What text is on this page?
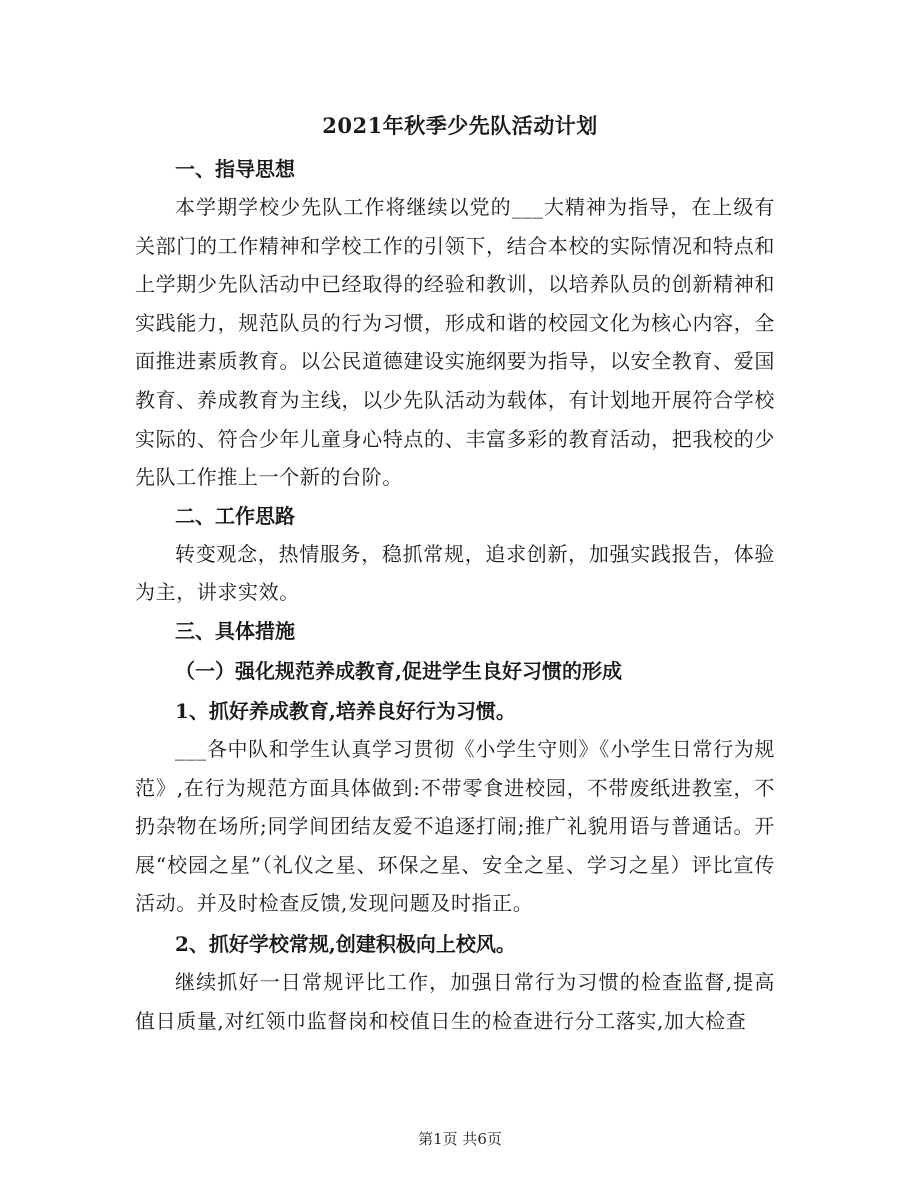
2021年秋季少先队活动计划
一、指导思想

本学期学校少先队工作将继续以党的___大精神为指导，在上级有关部门的工作精神和学校工作的引领下，结合本校的实际情况和特点和上学期少先队活动中已经取得的经验和教训，以培养队员的创新精神和实践能力，规范队员的行为习惯，形成和谐的校园文化为核心内容，全面推进素质教育。以公民道德建设实施纲要为指导，以安全教育、爱国教育、养成教育为主线，以少先队活动为载体，有计划地开展符合学校实际的、符合少年儿童身心特点的、丰富多彩的教育活动，把我校的少先队工作推上一个新的台阶。

二、工作思路

转变观念，热情服务，稳抓常规，追求创新，加强实践报告，体验为主，讲求实效。

三、具体措施
（一）强化规范养成教育,促进学生良好习惯的形成
1、抓好养成教育,培养良好行为习惯。

___各中队和学生认真学习贯彻《小学生守则》《小学生日常行为规范》,在行为规范方面具体做到:不带零食进校园，不带废纸进教室，不扔杂物在场所;同学间团结友爱不追逐打闹;推广礼貌用语与普通话。开展“校园之星”（礼仪之星、环保之星、安全之星、学习之星）评比宣传活动。并及时检查反馈,发现问题及时指正。

2、抓好学校常规,创建积极向上校风。

继续抓好一日常规评比工作，加强日常行为习惯的检查监督,提高值日质量,对红领巾监督岗和校值日生的检查进行分工落实,加大检查

第1页 共6页
